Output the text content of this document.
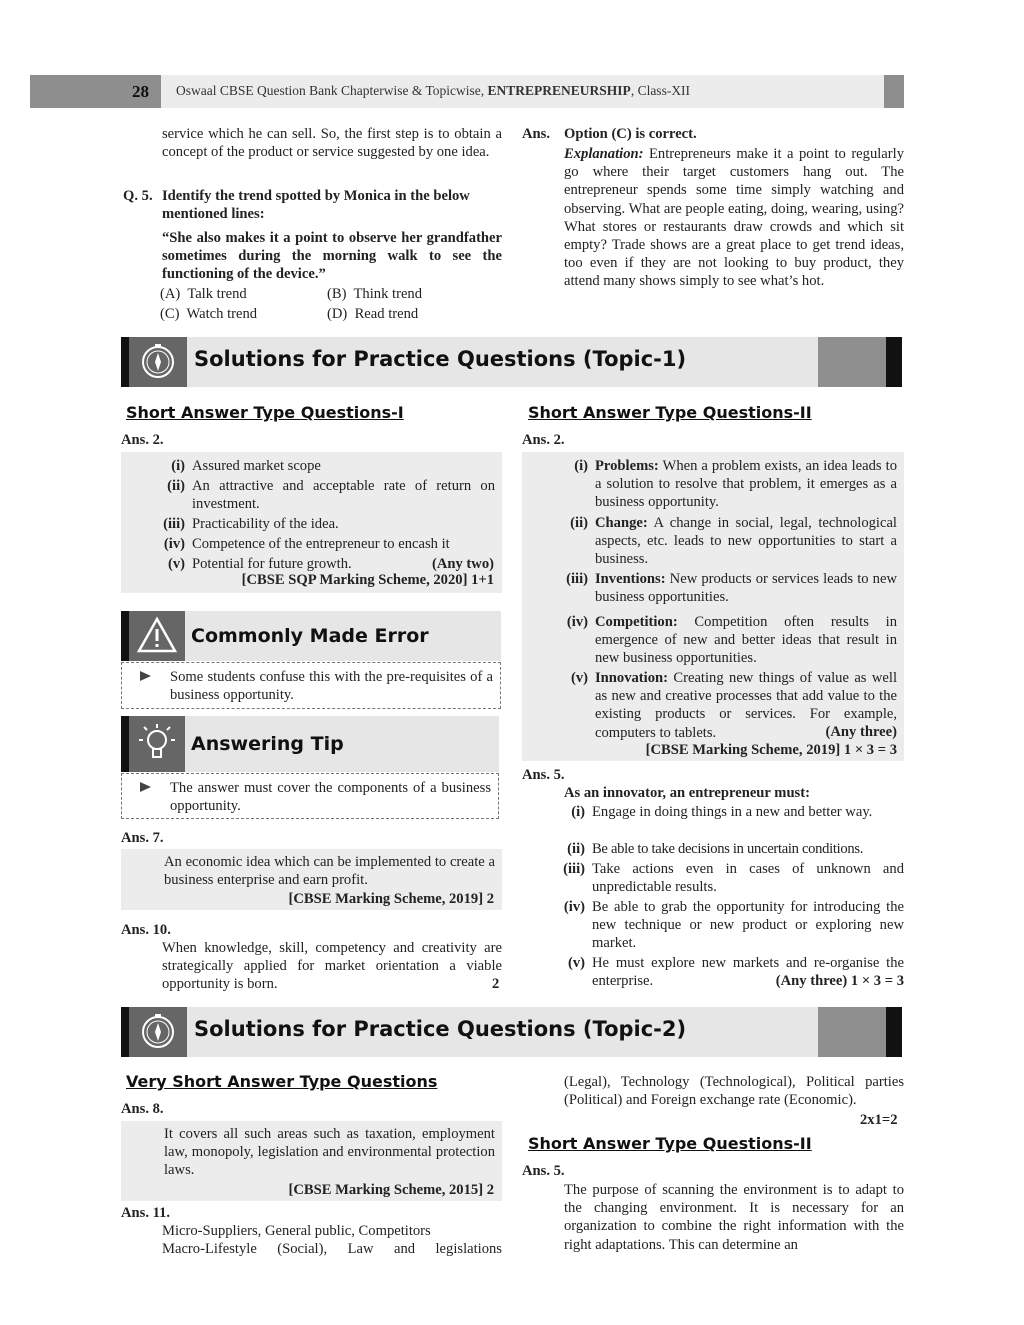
28 Oswaal CBSE Question Bank Chapterwise & Topicwise, ENTREPRENEURSHIP, Class-XII
service which he can sell. So, the first step is to obtain a concept of the product or service suggested by one idea.
Q. 5. Identify the trend spotted by Monica in the below mentioned lines:
“She also makes it a point to observe her grandfather sometimes during the morning walk to see the functioning of the device.”
(A) Talk trend	(B) Think trend
(C) Watch trend	(D) Read trend
Ans. Option (C) is correct.
Explanation: Entrepreneurs make it a point to regularly go where their target customers hang out. The entrepreneur spends some time simply watching and observing. What are people eating, doing, wearing, using? What stores or restaurants draw crowds and which sit empty? Trade shows are a great place to get trend ideas, too even if they are not looking to buy product, they attend many shows simply to see what’s hot.
Solutions for Practice Questions (Topic-1)
Short Answer Type Questions-I
Ans. 2.
(i) Assured market scope
(ii) An attractive and acceptable rate of return on investment.
(iii) Practicability of the idea.
(iv) Competence of the entrepreneur to encash it
(v) Potential for future growth.	(Any two)
[CBSE SQP Marking Scheme, 2020] 1+1
Commonly Made Error
Some students confuse this with the pre-requisites of a business opportunity.
Answering Tip
The answer must cover the components of a business opportunity.
Ans. 7.
An economic idea which can be implemented to create a business enterprise and earn profit.
[CBSE Marking Scheme, 2019] 2
Ans. 10.
When knowledge, skill, competency and creativity are strategically applied for market orientation a viable opportunity is born.	2
Short Answer Type Questions-II
Ans. 2.
(i) Problems: When a problem exists, an idea leads to a solution to resolve that problem, it emerges as a business opportunity.
(ii) Change: A change in social, legal, technological aspects, etc. leads to new opportunities to start a business.
(iii) Inventions: New products or services leads to new business opportunities.
(iv) Competition: Competition often results in emergence of new and better ideas that result in new business opportunities.
(v) Innovation: Creating new things of value as well as new and creative processes that add value to the existing products or services. For example, computers to tablets.	(Any three)
[CBSE Marking Scheme, 2019] 1 × 3 = 3
Ans. 5.
As an innovator, an entrepreneur must:
(i) Engage in doing things in a new and better way.
(ii) Be able to take decisions in uncertain conditions.
(iii) Take actions even in cases of unknown and unpredictable results.
(iv) Be able to grab the opportunity for introducing the new technique or new product or exploring new market.
(v) He must explore new markets and re-organise the enterprise.	(Any three) 1 × 3 = 3
Solutions for Practice Questions (Topic-2)
Very Short Answer Type Questions
Ans. 8.
It covers all such areas such as taxation, employment law, monopoly, legislation and environmental protection laws.
[CBSE Marking Scheme, 2015] 2
Ans. 11.
Micro-Suppliers, General public, Competitors
Macro-Lifestyle (Social), Law and legislations
(Legal), Technology (Technological), Political parties (Political) and Foreign exchange rate (Economic).
2x1=2
Short Answer Type Questions-II
Ans. 5.
The purpose of scanning the environment is to adapt to the changing environment. It is necessary for an organization to combine the right information with the right adaptations. This can determine an
